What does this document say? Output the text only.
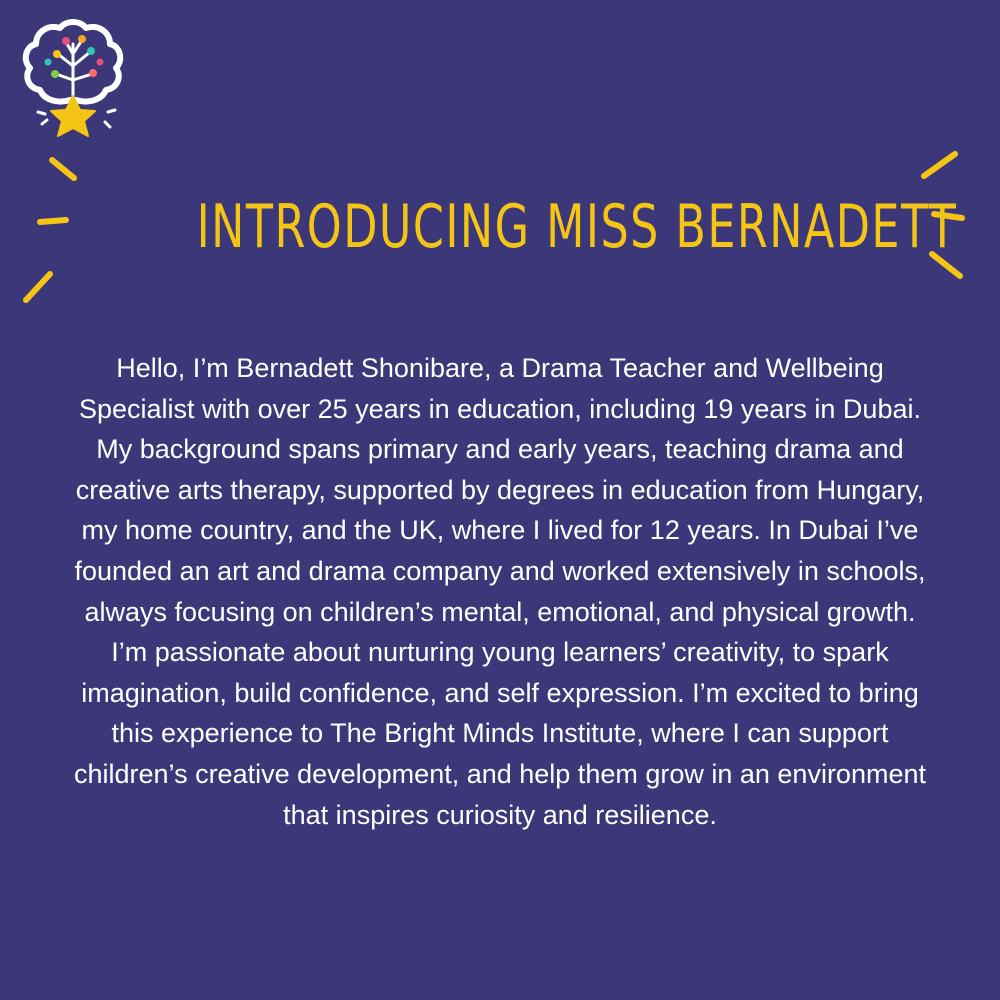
INTRODUCING MISS BERNADETT

Hello, I’m Bernadett Shonibare, a Drama Teacher and Wellbeing Specialist with over 25 years in education, including 19 years in Dubai. My background spans primary and early years, teaching drama and creative arts therapy, supported by degrees in education from Hungary, my home country, and the UK, where I lived for 12 years. In Dubai I’ve founded an art and drama company and worked extensively in schools, always focusing on children’s mental, emotional, and physical growth. I’m passionate about nurturing young learners’ creativity, to spark imagination, build confidence, and self expression. I’m excited to bring this experience to The Bright Minds Institute, where I can support children’s creative development, and help them grow in an environment that inspires curiosity and resilience.
